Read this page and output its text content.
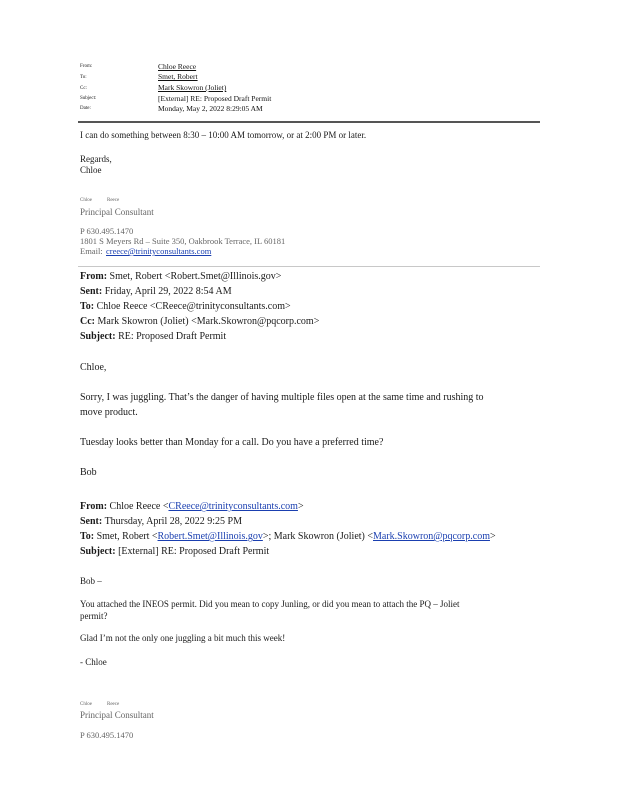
From:	Chloe Reece
To:	Smet, Robert
Cc:	Mark Skowron (Joliet)
Subject:	[External] RE: Proposed Draft Permit
Date:	Monday, May 2, 2022 8:29:05 AM
I can do something between 8:30 – 10:00 AM tomorrow, or at 2:00 PM or later.
Regards,
Chloe
Chloe	Reece
Principal Consultant
P 630.495.1470
1801 S Meyers Rd – Suite 350, Oakbrook Terrace, IL 60181
Email: creece@trinityconsultants.com
From: Smet, Robert <Robert.Smet@Illinois.gov>
Sent: Friday, April 29, 2022 8:54 AM
To: Chloe Reece <CReece@trinityconsultants.com>
Cc: Mark Skowron (Joliet) <Mark.Skowron@pqcorp.com>
Subject: RE: Proposed Draft Permit
Chloe,
Sorry, I was juggling. That’s the danger of having multiple files open at the same time and rushing to
move product.
Tuesday looks better than Monday for a call. Do you have a preferred time?
Bob
From: Chloe Reece <CReece@trinityconsultants.com>
Sent: Thursday, April 28, 2022 9:25 PM
To: Smet, Robert <Robert.Smet@Illinois.gov>; Mark Skowron (Joliet) <Mark.Skowron@pqcorp.com>
Subject: [External] RE: Proposed Draft Permit
Bob –
You attached the INEOS permit. Did you mean to copy Junling, or did you mean to attach the PQ – Joliet
permit?
Glad I’m not the only one juggling a bit much this week!
- Chloe
Chloe	Reece
Principal Consultant
P 630.495.1470
